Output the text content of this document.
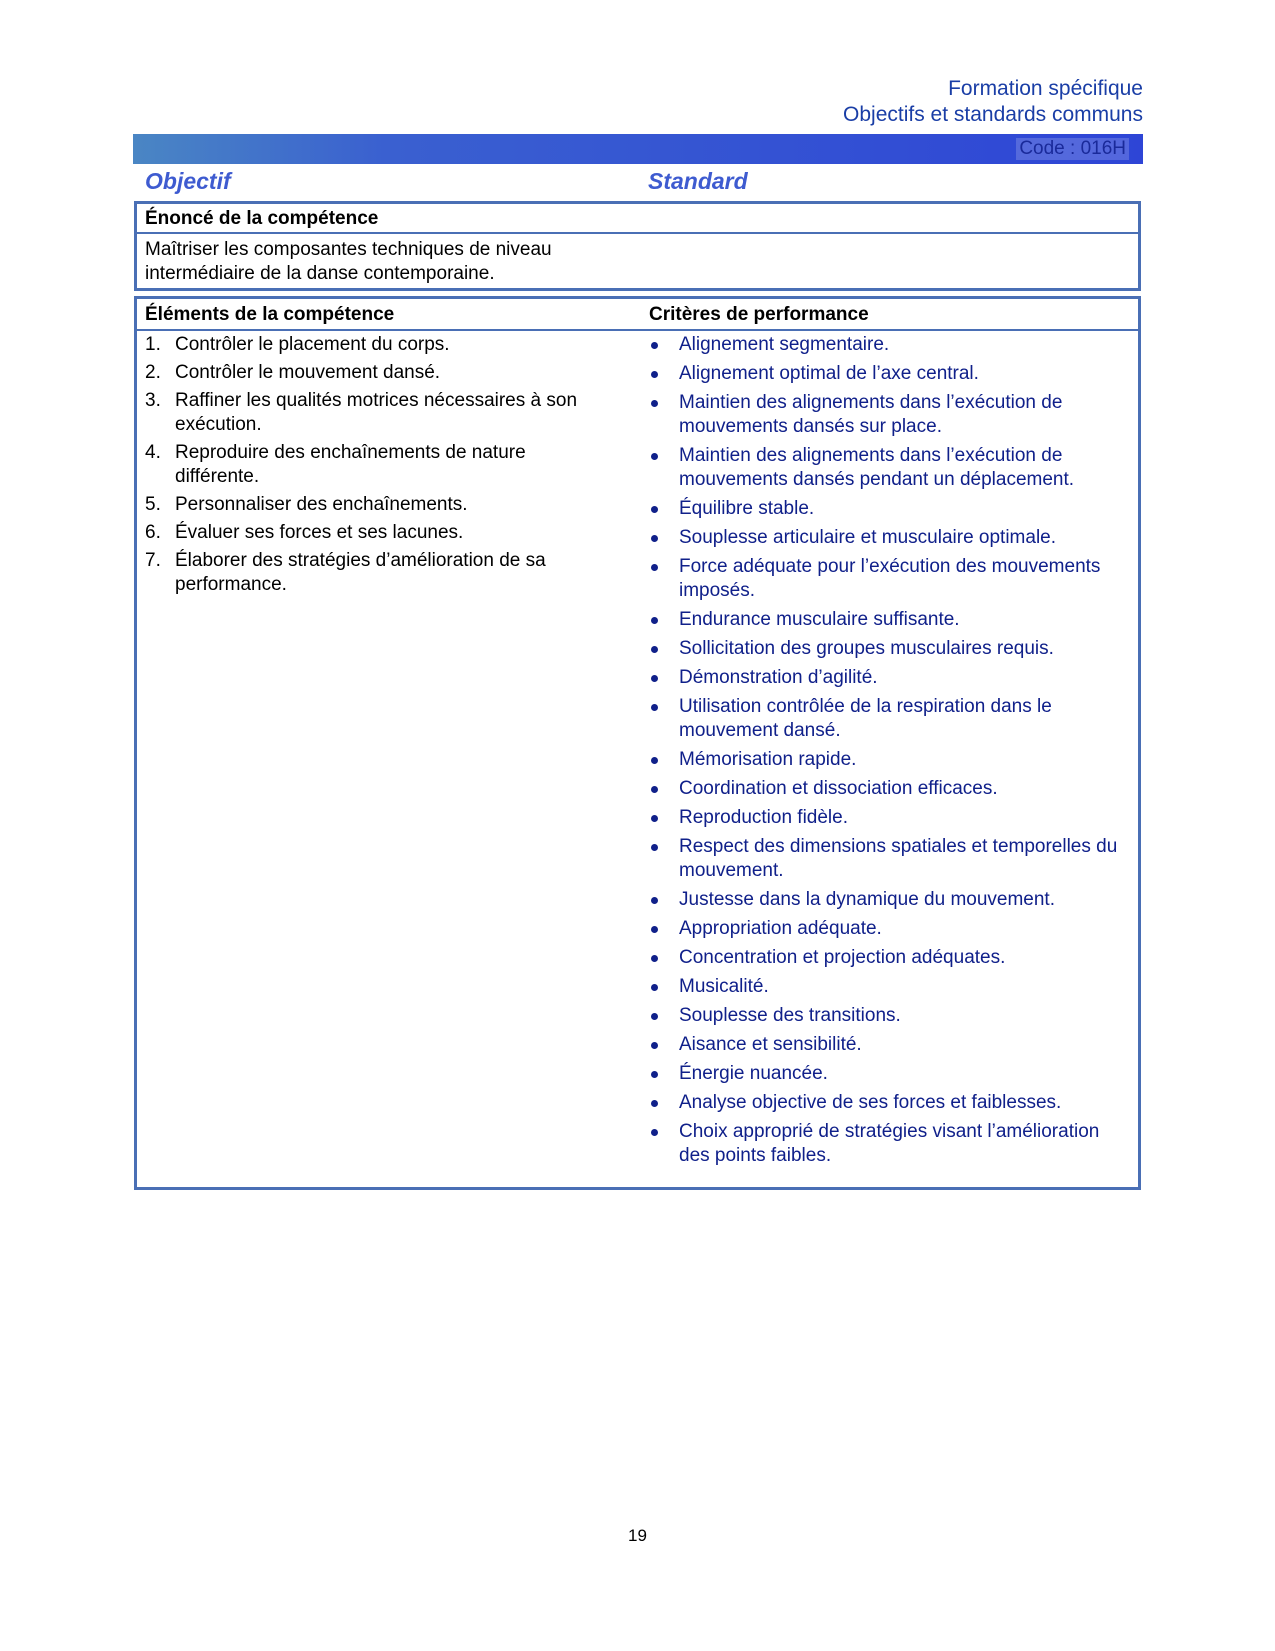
Formation spécifique
Objectifs et standards communs
Code : 016H
Objectif	Standard
Énoncé de la compétence
Maîtriser les composantes techniques de niveau intermédiaire de la danse contemporaine.
Éléments de la compétence	Critères de performance
1. Contrôler le placement du corps.
2. Contrôler le mouvement dansé.
3. Raffiner les qualités motrices nécessaires à son exécution.
4. Reproduire des enchaînements de nature différente.
5. Personnaliser des enchaînements.
6. Évaluer ses forces et ses lacunes.
7. Élaborer des stratégies d’amélioration de sa performance.
Alignement segmentaire.
Alignement optimal de l’axe central.
Maintien des alignements dans l’exécution de mouvements dansés sur place.
Maintien des alignements dans l’exécution de mouvements dansés pendant un déplacement.
Équilibre stable.
Souplesse articulaire et musculaire optimale.
Force adéquate pour l’exécution des mouvements imposés.
Endurance musculaire suffisante.
Sollicitation des groupes musculaires requis.
Démonstration d’agilité.
Utilisation contrôlée de la respiration dans le mouvement dansé.
Mémorisation rapide.
Coordination et dissociation efficaces.
Reproduction fidèle.
Respect des dimensions spatiales et temporelles du mouvement.
Justesse dans la dynamique du mouvement.
Appropriation adéquate.
Concentration et projection adéquates.
Musicalité.
Souplesse des transitions.
Aisance et sensibilité.
Énergie nuancée.
Analyse objective de ses forces et faiblesses.
Choix approprié de stratégies visant l’amélioration des points faibles.
19
